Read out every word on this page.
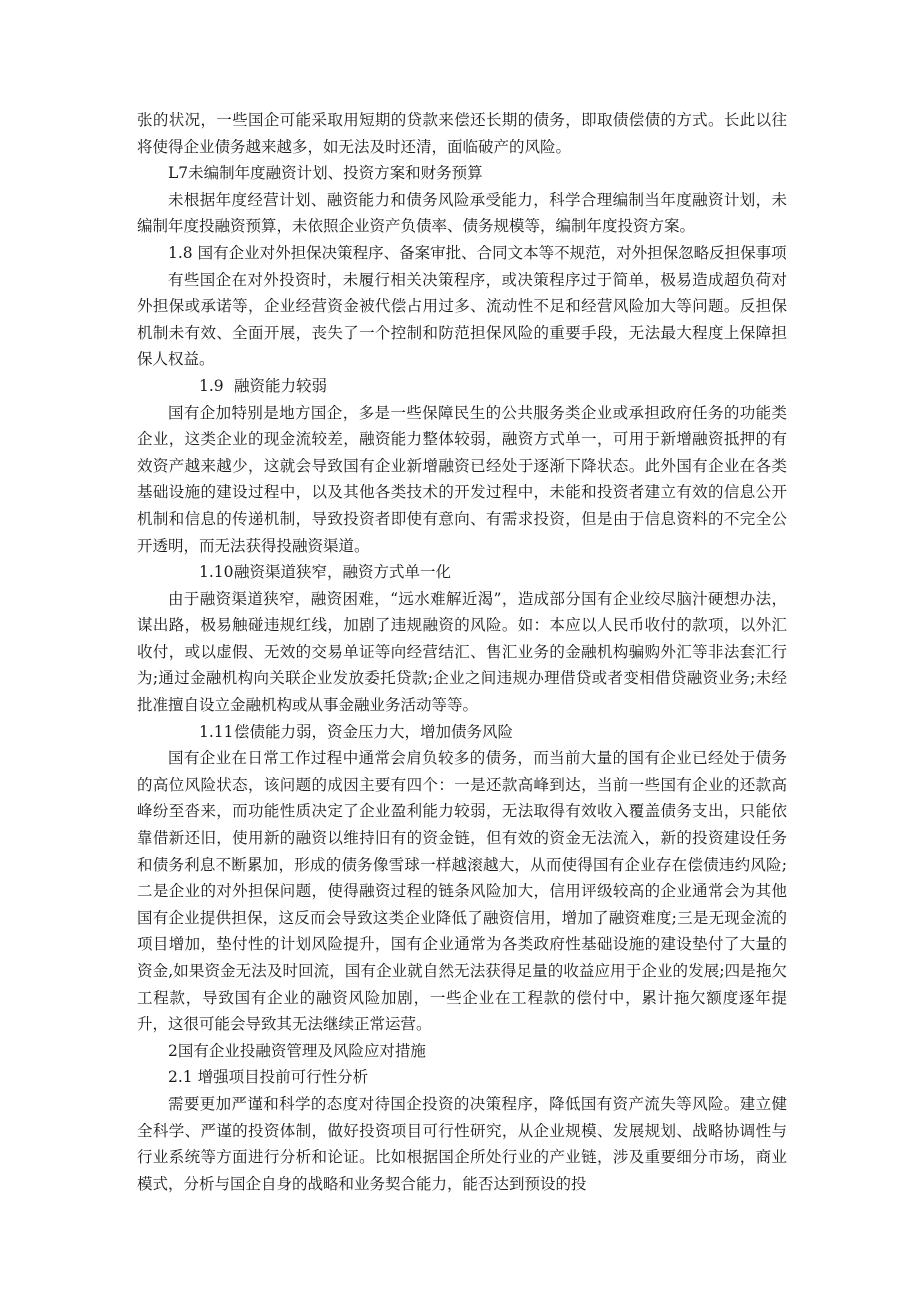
张的状况，一些国企可能采取用短期的贷款来偿还长期的债务，即取债偿债的方式。长此以往将使得企业债务越来越多，如无法及时还清，面临破产的风险。

L7未编制年度融资计划、投资方案和财务预算

未根据年度经营计划、融资能力和债务风险承受能力，科学合理编制当年度融资计划，未编制年度投融资预算，未依照企业资产负债率、债务规模等，编制年度投资方案。

1.8 国有企业对外担保决策程序、备案审批、合同文本等不规范，对外担保忽略反担保事项

有些国企在对外投资时，未履行相关决策程序，或决策程序过于简单，极易造成超负荷对外担保或承诺等，企业经营资金被代偿占用过多、流动性不足和经营风险加大等问题。反担保机制未有效、全面开展，丧失了一个控制和防范担保风险的重要手段，无法最大程度上保障担保人权益。

1.9 融资能力较弱

国有企加特别是地方国企，多是一些保障民生的公共服务类企业或承担政府任务的功能类企业，这类企业的现金流较差，融资能力整体较弱，融资方式单一，可用于新增融资抵押的有效资产越来越少，这就会导致国有企业新增融资已经处于逐渐下降状态。此外国有企业在各类基础设施的建设过程中，以及其他各类技术的开发过程中，未能和投资者建立有效的信息公开机制和信息的传递机制，导致投资者即使有意向、有需求投资，但是由于信息资料的不完全公开透明，而无法获得投融资渠道。

1.10融资渠道狭窄，融资方式单一化

由于融资渠道狭窄，融资困难，“远水难解近渴”，造成部分国有企业绞尽脑汁硬想办法，谋出路，极易触碰违规红线，加剧了违规融资的风险。如：本应以人民币收付的款项，以外汇收付，或以虚假、无效的交易单证等向经营结汇、售汇业务的金融机构骗购外汇等非法套汇行为;通过金融机构向关联企业发放委托贷款;企业之间违规办理借贷或者变相借贷融资业务;未经批准擅自设立金融机构或从事金融业务活动等等。

1.11偿债能力弱，资金压力大，增加债务风险

国有企业在日常工作过程中通常会肩负较多的债务，而当前大量的国有企业已经处于债务的高位风险状态，该问题的成因主要有四个：一是还款高峰到达，当前一些国有企业的还款高峰纷至沓来，而功能性质决定了企业盈利能力较弱，无法取得有效收入覆盖债务支出，只能依靠借新还旧，使用新的融资以维持旧有的资金链，但有效的资金无法流入，新的投资建设任务和债务利息不断累加，形成的债务像雪球一样越滚越大，从而使得国有企业存在偿债违约风险;二是企业的对外担保问题，使得融资过程的链条风险加大，信用评级较高的企业通常会为其他国有企业提供担保，这反而会导致这类企业降低了融资信用，增加了融资难度;三是无现金流的项目增加，垫付性的计划风险提升，国有企业通常为各类政府性基础设施的建设垫付了大量的资金,如果资金无法及时回流，国有企业就自然无法获得足量的收益应用于企业的发展;四是拖欠工程款，导致国有企业的融资风险加剧，一些企业在工程款的偿付中，累计拖欠额度逐年提升，这很可能会导致其无法继续正常运营。

2国有企业投融资管理及风险应对措施

2.1 增强项目投前可行性分析

需要更加严谨和科学的态度对待国企投资的决策程序，降低国有资产流失等风险。建立健全科学、严谨的投资体制，做好投资项目可行性研究，从企业规模、发展规划、战略协调性与行业系统等方面进行分析和论证。比如根据国企所处行业的产业链，涉及重要细分市场，商业模式，分析与国企自身的战略和业务契合能力，能否达到预设的投
